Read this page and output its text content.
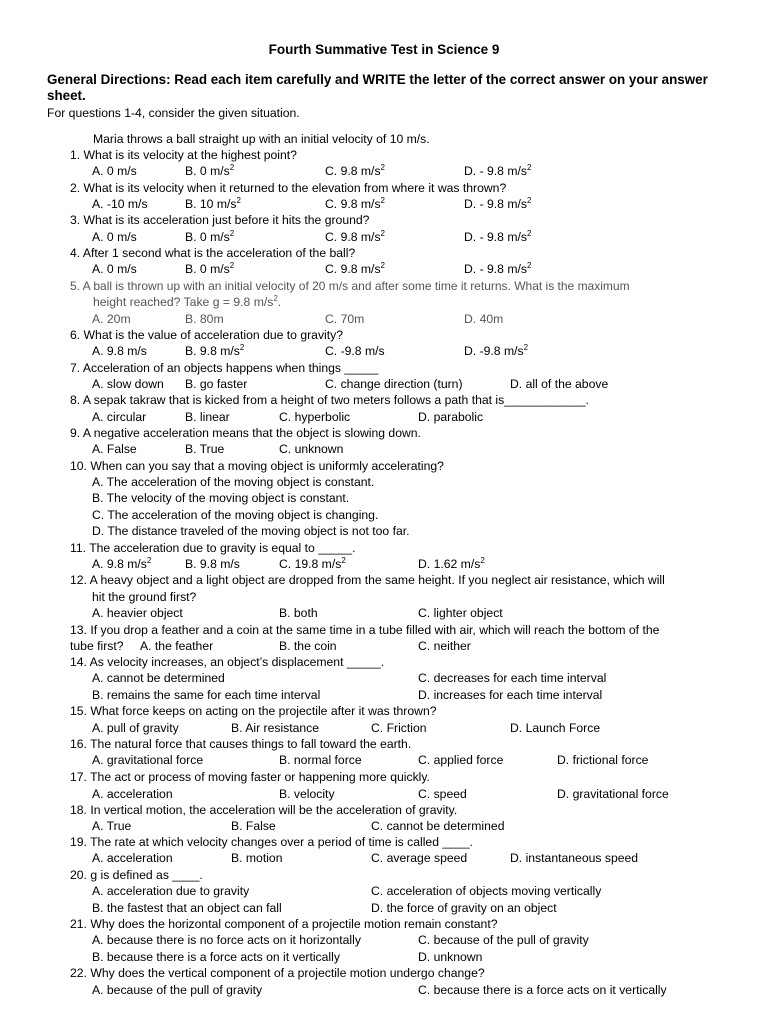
Fourth Summative Test in Science 9
General Directions: Read each item carefully and WRITE the letter of the correct answer on your answer sheet.
For questions 1-4, consider the given situation.
Maria throws a ball straight up with an initial velocity of 10 m/s.
1. What is its velocity at the highest point?
A. 0 m/s	B. 0 $m/s^2$	C. 9.8 $m/s^2$	D. - 9.8 $m/s^2$
2. What is its velocity when it returned to the elevation from where it was thrown?
A. -10 m/s	B. 10 $m/s^2$	C. 9.8 $m/s^2$	D. - 9.8 $m/s^2$
3. What is its acceleration just before it hits the ground?
A. 0 m/s	B. 0 $m/s^2$	C. 9.8 $m/s^2$	D. - 9.8 $m/s^2$
4. After 1 second what is the acceleration of the ball?
A. 0 m/s	B. 0 $m/s^2$	C. 9.8 $m/s^2$	D. - 9.8 $m/s^2$
5. A ball is thrown up with an initial velocity of 20 m/s and after some time it returns. What is the maximum
height reached? Take g = 9.8 $m/s^2$.
A. 20m	B. 80m	C. 70m	D. 40m
6. What is the value of acceleration due to gravity?
A. 9.8 m/s	B. 9.8 $m/s^2$	C. -9.8 m/s	D. -9.8 $m/s^2$
7. Acceleration of an objects happens when things _____
A. slow down B. go faster	C. change direction (turn)	D. all of the above
8. A sepak takraw that is kicked from a height of two meters follows a path that is____________.
A. circular	B. linear	C. hyperbolic	D. parabolic
9. A negative acceleration means that the object is slowing down.
A. False	B. True	C. unknown
10. When can you say that a moving object is uniformly accelerating?
A. The acceleration of the moving object is constant.
B. The velocity of the moving object is constant.
C. The acceleration of the moving object is changing.
D. The distance traveled of the moving object is not too far.
11. The acceleration due to gravity is equal to _____.
A. 9.8 $m/s^2$	B. 9.8 m/s	C. 19.8 $m/s^2$	D. 1.62 $m/s^2$
12. A heavy object and a light object are dropped from the same height. If you neglect air resistance, which will
hit the ground first?
A. heavier object	B. both	C. lighter object
13. If you drop a feather and a coin at the same time in a tube filled with air, which will reach the bottom of the
tube first? A. the feather	B. the coin	C. neither
14. As velocity increases, an object’s displacement _____.
A. cannot be determined	C. decreases for each time interval
B. remains the same for each time interval	D. increases for each time interval
15. What force keeps on acting on the projectile after it was thrown?
A. pull of gravity	B. Air resistance	C. Friction	D. Launch Force
16. The natural force that causes things to fall toward the earth.
A. gravitational force	B. normal force	C. applied force	D. frictional force
17. The act or process of moving faster or happening more quickly.
A. acceleration	B. velocity	C. speed	D. gravitational force
18. In vertical motion, the acceleration will be the acceleration of gravity.
A. True	B. False	C. cannot be determined
19. The rate at which velocity changes over a period of time is called ____.
A. acceleration	B. motion	C. average speed	D. instantaneous speed
20. g is defined as ____.
A. acceleration due to gravity	C. acceleration of objects moving vertically
B. the fastest that an object can fall	D. the force of gravity on an object
21. Why does the horizontal component of a projectile motion remain constant?
A. because there is no force acts on it horizontally	C. because of the pull of gravity
B. because there is a force acts on it vertically	D. unknown
22. Why does the vertical component of a projectile motion undergo change?
A. because of the pull of gravity	C. because there is a force acts on it vertically
